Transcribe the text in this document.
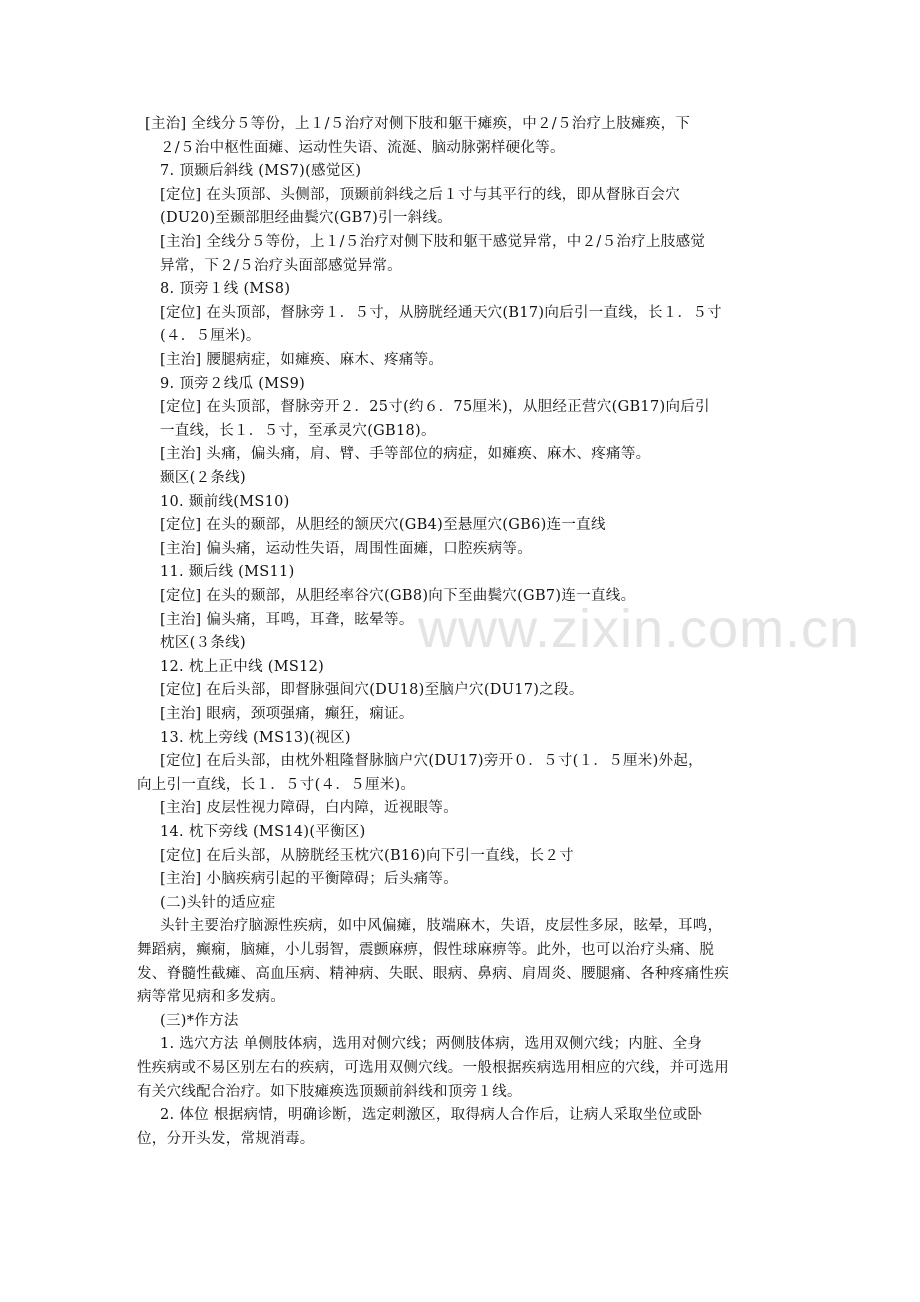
www.zixin.com.cn
[主治] 全线分５等份，上１/５治疗对侧下肢和躯干瘫痪，中２/５治疗上肢瘫痪，下
２/５治中枢性面瘫、运动性失语、流涎、脑动脉粥样硬化等。
7. 顶颞后斜线 (MS7)(感觉区)
[定位] 在头顶部、头侧部，顶颞前斜线之后１寸与其平行的线，即从督脉百会穴
(DU20)至颞部胆经曲鬓穴(GB7)引一斜线。
[主治] 全线分５等份，上１/５治疗对侧下肢和躯干感觉异常，中２/５治疗上肢感觉
异常，下２/５治疗头面部感觉异常。
8. 顶旁１线 (MS8)
[定位] 在头顶部，督脉旁１．５寸，从膀胱经通天穴(B17)向后引一直线，长１．５寸
(４．５厘米)。
[主治] 腰腿病症，如瘫痪、麻木、疼痛等。
9. 顶旁２线瓜 (MS9)
[定位] 在头顶部，督脉旁开２．25寸(约６．75厘米)，从胆经正营穴(GB17)向后引
一直线，长１．５寸，至承灵穴(GB18)。
[主治] 头痛，偏头痛，肩、臂、手等部位的病症，如瘫痪、麻木、疼痛等。
颞区(２条线)
10. 颞前线(MS10)
[定位] 在头的颞部，从胆经的颔厌穴(GB4)至悬厘穴(GB6)连一直线
[主治] 偏头痛，运动性失语，周围性面瘫，口腔疾病等。
11. 颞后线 (MS11)
[定位] 在头的颞部，从胆经率谷穴(GB8)向下至曲鬓穴(GB7)连一直线。
[主治] 偏头痛，耳鸣，耳聋，眩晕等。
枕区(３条线)
12. 枕上正中线 (MS12)
[定位] 在后头部，即督脉强间穴(DU18)至脑户穴(DU17)之段。
[主治] 眼病，颈项强痛，癫狂，痫证。
13. 枕上旁线 (MS13)(视区)
[定位] 在后头部，由枕外粗隆督脉脑户穴(DU17)旁开０．５寸(１．５厘米)外起，
向上引一直线，长１．５寸(４．５厘米)。
[主治] 皮层性视力障碍，白内障，近视眼等。
14. 枕下旁线 (MS14)(平衡区)
[定位] 在后头部，从膀胱经玉枕穴(B16)向下引一直线，长２寸
[主治] 小脑疾病引起的平衡障碍；后头痛等。
(二)头针的适应症
头针主要治疗脑源性疾病，如中风偏瘫，肢端麻木，失语，皮层性多尿，眩晕，耳鸣，
舞蹈病，癫痫，脑瘫，小儿弱智，震颤麻痹，假性球麻痹等。此外，也可以治疗头痛、脱
发、脊髓性截瘫、高血压病、精神病、失眠、眼病、鼻病、肩周炎、腰腿痛、各种疼痛性疾
病等常见病和多发病。
(三)*作方法
1. 选穴方法 单侧肢体病，选用对侧穴线；两侧肢体病，选用双侧穴线；内脏、全身
性疾病或不易区别左右的疾病，可选用双侧穴线。一般根据疾病选用相应的穴线，并可选用
有关穴线配合治疗。如下肢瘫痪选顶颞前斜线和顶旁１线。
2. 体位 根据病情，明确诊断，选定刺激区，取得病人合作后，让病人采取坐位或卧
位，分开头发，常规消毒。
